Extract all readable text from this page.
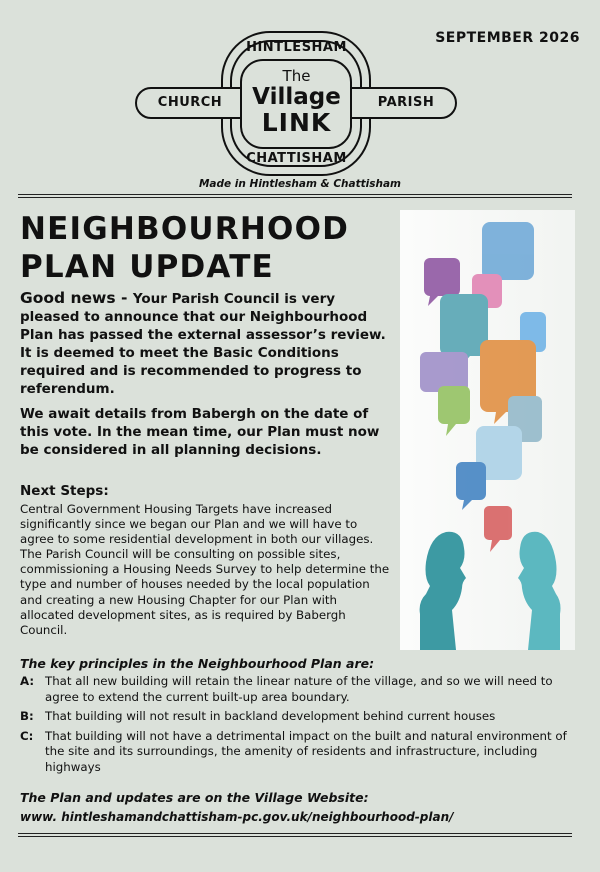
SEPTEMBER 2026
HINTLESHAM
CHATTISHAM
CHURCH	PARISH
The
Village
LINK
Made in Hintlesham & Chattisham
NEIGHBOURHOOD
PLAN UPDATE

Good news - Your Parish Council is very pleased to announce that our Neighbourhood Plan has passed the external assessor’s review. It is deemed to meet the Basic Conditions required and is recommended to progress to referendum.

We await details from Babergh on the date of this vote. In the mean time, our Plan must now be considered in all planning decisions.

Next Steps:

Central Government Housing Targets have increased significantly since we began our Plan and we will have to agree to some residential development in both our villages. The Parish Council will be consulting on possible sites, commissioning a Housing Needs Survey to help determine the type and number of houses needed by the local population and creating a new Housing Chapter for our Plan with allocated development sites, as is required by Babergh Council.

The key principles in the Neighbourhood Plan are:

A: That all new building will retain the linear nature of the village, and so we will need to agree to extend the current built-up area boundary.
B: That building will not result in backland development behind current houses
C: That building will not have a detrimental impact on the built and natural environment of the site and its surroundings, the amenity of residents and infrastructure, including highways

The Plan and updates are on the Village Website:

www. hintleshamandchattisham-pc.gov.uk/neighbourhood-plan/
